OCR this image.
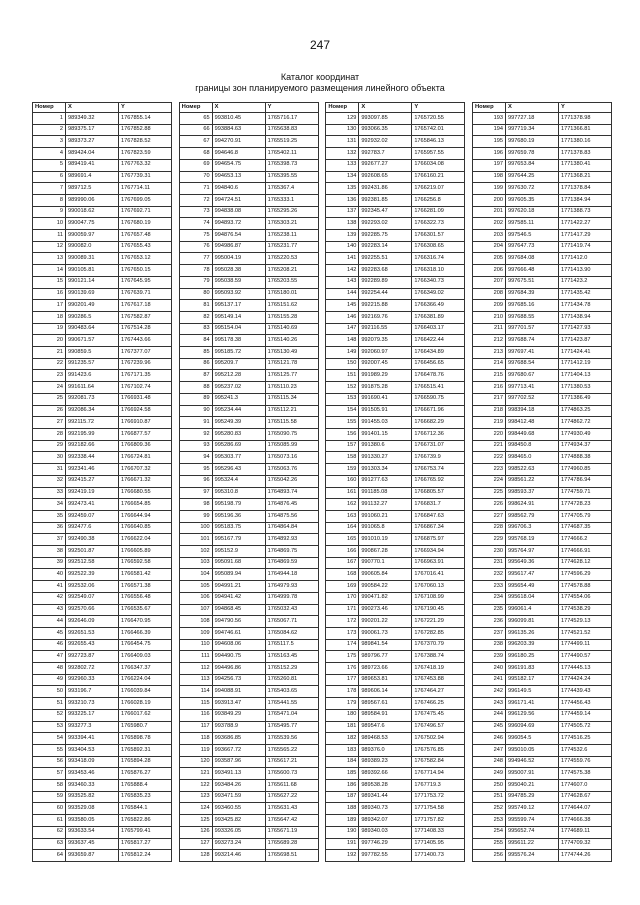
247
Каталог координат
границы зон планируемого размещения линейного объекта
Номер	X	Y
1	989349.32	1767855.14
2	989375.17	1767852.88
3	989373.27	1767828.52
4	989424.04	1767823.59
5	989419.41	1767763.32
6	989691.4	1767739.31
7	989712.5	1767714.11
8	989990.06	1767699.05
9	990018.62	1767692.71
10	990047.75	1767680.19
11	990059.97	1767657.48
12	990082.0	1767655.43
13	990089.31	1767653.12
14	990105.81	1767650.15
15	990121.14	1767645.95
16	990139.69	1767639.71
17	990201.49	1767617.18
18	990286.5	1767582.87
19	990483.64	1767514.28
20	990671.57	1767443.66
21	990859.5	1767377.07
22	991235.57	1767239.96
23	991423.6	1767171.35
24	991611.64	1767102.74
25	992081.73	1766931.48
26	992086.34	1766924.58
27	992115.72	1766910.87
28	992195.99	1766877.57
29	992182.66	1766809.36
30	992338.44	1766724.81
31	992341.46	1766707.32
32	992415.27	1766671.32
33	992419.19	1766680.55
34	992473.41	1766654.85
35	992459.07	1766644.94
36	992477.6	1766640.85
37	992490.38	1766622.04
38	992501.87	1766605.89
39	992512.58	1766592.58
40	992522.39	1766581.42
41	992532.06	1766571.38
42	992549.07	1766556.48
43	992570.66	1766535.67
44	992646.09	1766470.95
45	992651.53	1766466.39
46	992655.43	1766454.75
47	992723.87	1766409.03
48	992802.72	1766347.37
49	992960.33	1766224.04
50	993196.7	1766039.84
51	993210.73	1766028.19
52	993225.17	1766017.62
53	993277.3	1765980.7
54	993394.41	1765898.78
55	993404.53	1765892.31
56	993418.09	1765894.28
57	993453.46	1765876.27
58	993460.33	1765888.4
59	993525.82	1765835.23
60	993529.08	1765844.1
61	993580.05	1765822.86
62	993633.54	1765799.41
63	993637.45	1765817.27
64	993659.87	1765812.24
Номер	X	Y
65	993810.45	1765716.17
66	993884.63	1765638.83
67	994270.91	1765519.25
68	994646.8	1765402.11
69	994654.75	1765398.73
70	994653.13	1765395.55
71	994840.6	1765367.4
72	994724.51	1765333.1
73	994838.08	1765295.26
74	994893.72	1765303.21
75	994876.54	1765238.11
76	994986.87	1765231.77
77	995004.19	1765220.53
78	995028.38	1765208.21
79	995038.59	1765203.55
80	995093.92	1765180.01
81	995137.17	1765151.62
82	995149.14	1765155.28
83	995154.04	1765140.69
84	995178.38	1765140.26
85	995185.72	1765130.49
86	995209.7	1765121.78
87	995212.28	1765125.77
88	995237.02	1765110.23
89	995241.3	1765115.34
90	995234.44	1765112.21
91	995249.39	1765115.58
92	995280.83	1765090.75
93	995286.69	1765085.99
94	995303.77	1765073.16
95	995296.43	1765063.76
96	995324.4	1765042.26
97	995310.8	1764893.74
98	995198.79	1764876.45
99	995196.36	1764875.56
100	995183.75	1764864.84
101	995167.79	1764892.93
102	995152.9	1764869.75
103	995091.68	1764869.59
104	995089.94	1764944.18
105	994991.21	1764979.93
106	994941.42	1764999.78
107	994868.45	1765032.43
108	994790.56	1765067.71
109	994746.61	1765084.62
110	994608.06	1765117.5
111	994490.75	1765163.45
112	994496.86	1765152.29
113	994256.73	1765260.81
114	994088.91	1765403.65
115	993913.47	1765441.55
116	993849.29	1765471.04
117	993788.9	1765495.77
118	993686.85	1765539.56
119	993667.72	1765565.22
120	993587.96	1765617.21
121	993491.13	1765600.73
122	993484.26	1765611.68
123	993471.59	1765627.22
124	993460.55	1765631.43
125	993425.82	1765647.42
126	993326.05	1765671.19
127	993273.24	1765689.28
128	993214.46	1765698.51
Номер	X	Y
129	993097.85	1765720.55
130	993066.35	1765742.01
131	992932.02	1765846.13
132	992783.7	1765957.55
133	992677.27	1766034.08
134	992608.65	1766160.21
135	992431.86	1766219.07
136	992381.85	1766256.8
137	992345.47	1766281.09
138	992293.02	1766322.73
139	992285.75	1766301.57
140	992283.14	1766308.65
141	992255.51	1766316.74
142	992283.68	1766318.10
143	992289.89	1766340.73
144	992254.44	1766349.02
145	992215.88	1766366.49
146	992169.76	1766381.89
147	992116.55	1766403.17
148	992079.35	1766422.44
149	992060.97	1766434.89
150	992007.45	1766456.65
151	991989.29	1766478.76
152	991875.28	1766515.41
153	991690.41	1766590.75
154	991505.91	1766671.96
155	991455.03	1766682.29
156	991401.15	1766712.36
157	991380.6	1766731.07
158	991330.27	1766739.9
159	991303.34	1766753.74
160	991277.63	1766765.92
161	991185.08	1766805.57
162	991132.27	1766831.7
163	991060.21	1766847.63
164	991065.8	1766867.34
165	991010.19	1766875.97
166	990867.28	1766934.94
167	990770.1	1766963.91
168	990605.84	1767016.41
169	990584.22	1767060.13
170	990471.82	1767108.99
171	990273.46	1767190.45
172	990201.22	1767221.29
173	990061.73	1767282.85
174	989841.54	1767370.79
175	989796.77	1767388.74
176	989723.66	1767418.19
177	989653.81	1767453.88
178	989606.14	1767464.27
179	989567.61	1767466.25
180	989584.91	1767475.45
181	989547.6	1767496.57
182	989468.53	1767502.94
183	989376.0	1767576.85
184	989389.23	1767582.84
185	989392.66	1767714.94
186	989538.28	1767719.3
187	989341.44	1771753.72
188	989340.73	1771754.58
189	989342.07	1771757.82
190	989340.03	1771408.33
191	997746.29	1771405.95
192	997782.55	1771400.73
Номер	X	Y
193	997727.18	1771378.98
194	997719.34	1771366.81
195	997680.19	1771380.16
196	997659.78	1771378.83
197	997653.84	1771380.41
198	997644.25	1771368.21
199	997630.72	1771378.84
200	997605.35	1771384.94
201	997620.18	1771388.73
202	997585.11	1771422.27
203	997546.5	1771417.29
204	997647.73	1771419.74
205	997684.08	1771412.0
206	997666.48	1771413.90
207	997675.51	1771423.2
208	997684.39	1771435.42
209	997685.16	1771434.78
210	997688.55	1771438.94
211	997701.57	1771427.93
212	997688.74	1771423.87
213	997697.41	1771424.41
214	997688.54	1771412.19
215	997680.67	1771404.13
216	997713.41	1771380.53
217	997702.52	1771386.49
218	998394.18	1774863.25
219	998412.48	1774862.72
220	998449.68	1774930.49
221	998450.8	1774934.37
222	998465.0	1774888.38
223	998522.63	1774960.85
224	998561.22	1774786.94
225	998593.37	1774759.71
226	998624.91	1774728.23
227	998562.79	1774705.79
228	996706.3	1774687.35
229	995768.19	1774666.2
230	995764.97	1774666.91
231	995649.36	1774628.12
232	995617.47	1774596.29
233	995654.49	1774578.88
234	995618.04	1774554.06
235	996061.4	1774538.29
236	996099.81	1774529.13
237	996135.26	1774521.52
238	996203.39	1774499.11
239	996180.25	1774490.57
240	996191.83	1774445.13
241	995182.17	1774424.24
242	996149.5	1774439.43
243	996171.41	1774456.43
244	996129.56	1774459.14
245	996094.69	1774505.72
246	996054.5	1774516.25
247	995010.05	1774532.6
248	994946.52	1774559.76
249	995007.91	1774575.38
250	995040.21	1774607.0
251	994785.29	1774628.67
252	995749.12	1774644.07
253	995599.74	1774666.38
254	995652.74	1774689.11
255	995611.22	1774709.32
256	995576.24	1774744.26
